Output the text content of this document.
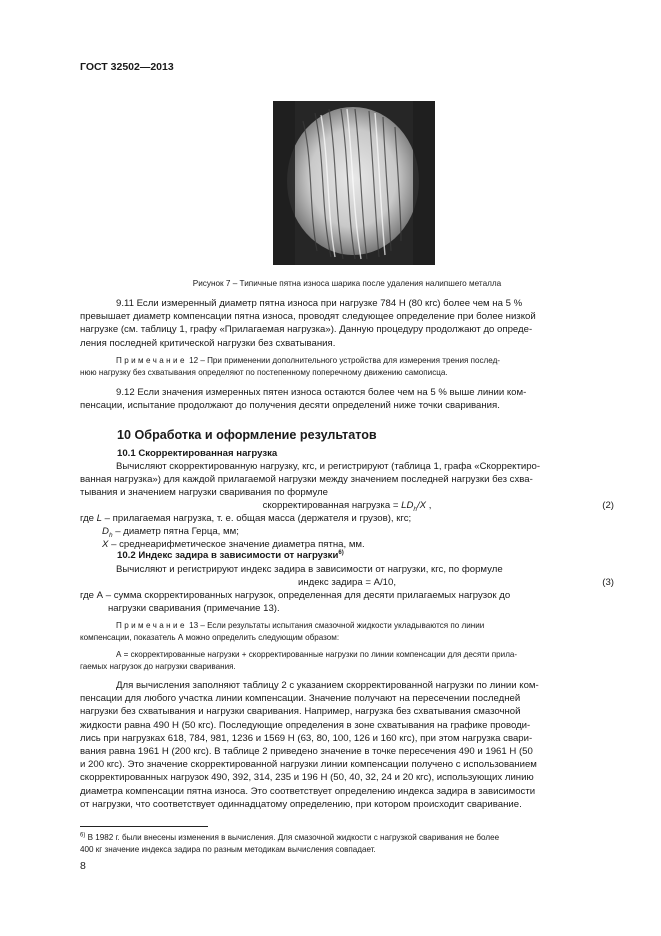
ГОСТ 32502—2013
Рисунок 7 – Типичные пятна износа шарика после удаления налипшего металла
9.11 Если измеренный диаметр пятна износа при нагрузке 784 Н (80 кгс) более чем на 5 %
превышает диаметр компенсации пятна износа, проводят следующее определение при более низкой
нагрузке (см. таблицу 1, графу «Прилагаемая нагрузка»). Данную процедуру продолжают до опреде-
ления последней критической нагрузки без схватывания.
Примечание 12 – При применении дополнительного устройства для измерения трения послед-
нюю нагрузку без схватывания определяют по постепенному поперечному движению самописца.
9.12 Если значения измеренных пятен износа остаются более чем на 5 % выше линии ком-
пенсации, испытание продолжают до получения десяти определений ниже точки сваривания.
10 Обработка и оформление результатов
10.1 Скорректированная нагрузка
Вычисляют скорректированную нагрузку, кгс, и регистрируют (таблица 1, графа «Скорректиро-
ванная нагрузка») для каждой прилагаемой нагрузки между значением последней нагрузки без схва-
тывания и значением нагрузки сваривания по формуле
скорректированная нагрузка = $LD_h/X$ ,	(2)
где L – прилагаемая нагрузка, т. е. общая масса (держателя и грузов), кгс;
$D_h$ – диаметр пятна Герца, мм;
X – среднеарифметическое значение диаметра пятна, мм.
10.2 Индекс задира в зависимости от нагрузки$^{6)}$
Вычисляют и регистрируют индекс задира в зависимости от нагрузки, кгс, по формуле
индекс задира = А/10,	(3)
где А – сумма скорректированных нагрузок, определенная для десяти прилагаемых нагрузок до
нагрузки сваривания (примечание 13).
Примечание 13 – Если результаты испытания смазочной жидкости укладываются по линии
компенсации, показатель А можно определить следующим образом:
А = скорректированные нагрузки + скорректированные нагрузки по линии компенсации для десяти прила-
гаемых нагрузок до нагрузки сваривания.
Для вычисления заполняют таблицу 2 с указанием скорректированной нагрузки по линии ком-
пенсации для любого участка линии компенсации. Значение получают на пересечении последней
нагрузки без схватывания и нагрузки сваривания. Например, нагрузка без схватывания смазочной
жидкости равна 490 Н (50 кгс). Последующие определения в зоне схватывания на графике проводи-
лись при нагрузках 618, 784, 981, 1236 и 1569 Н (63, 80, 100, 126 и 160 кгс), при этом нагрузка свари-
вания равна 1961 Н (200 кгс). В таблице 2 приведено значение в точке пересечения 490 и 1961 Н (50
и 200 кгс). Это значение скорректированной нагрузки линии компенсации получено с использованием
скорректированных нагрузок 490, 392, 314, 235 и 196 Н (50, 40, 32, 24 и 20 кгс), использующих линию
диаметра компенсации пятна износа. Это соответствует определению индекса задира в зависимости
от нагрузки, что соответствует одиннадцатому определению, при котором происходит сваривание.
$^{6)}$ В 1982 г. были внесены изменения в вычисления. Для смазочной жидкости с нагрузкой сваривания не более
400 кг значение индекса задира по разным методикам вычисления совпадает.
8
